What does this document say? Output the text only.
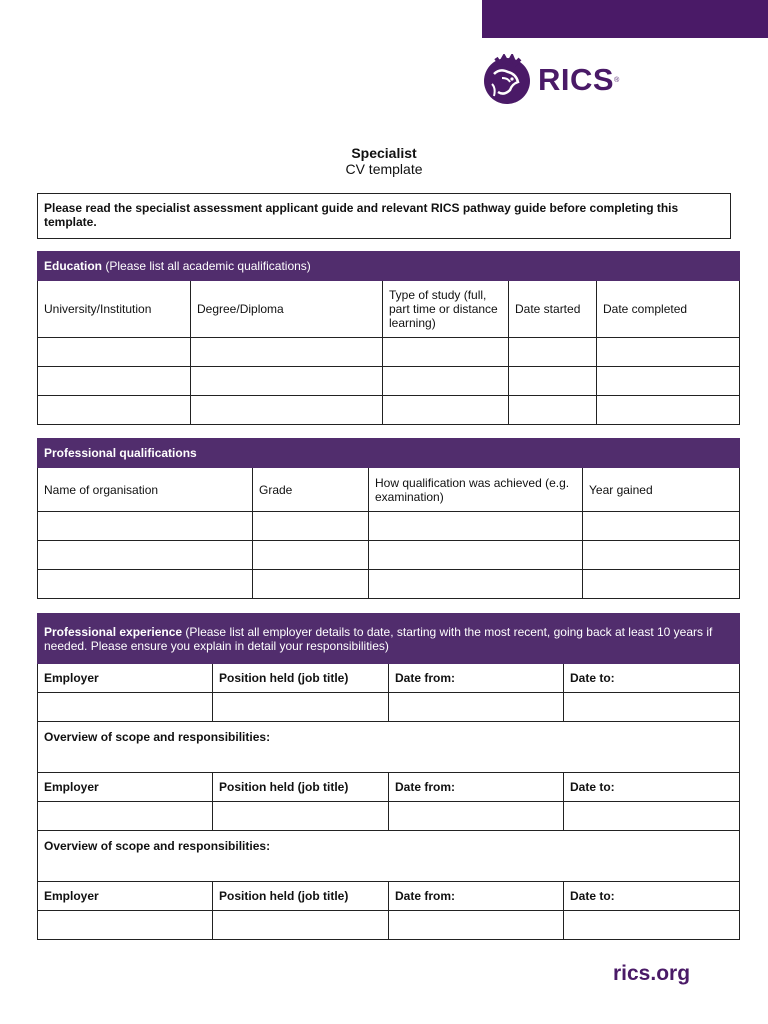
RICS ®
Specialist
CV template
Please read the specialist assessment applicant guide and relevant RICS pathway guide before completing this template.
Education (Please list all academic qualifications)				
University/Institution	Degree/Diploma	Type of study (full, part time or distance learning)	Date started	Date completed

Professional qualifications			
Name of organisation	Grade	How qualification was achieved (e.g. examination)	Year gained

Professional experience (Please list all employer details to date, starting with the most recent, going back at least 10 years if needed. Please ensure you explain in detail your responsibilities)			
Employer	Position held (job title)	Date from:	Date to:

Overview of scope and responsibilities:			
Employer	Position held (job title)	Date from:	Date to:

Overview of scope and responsibilities:			
Employer	Position held (job title)	Date from:	Date to:

rics.org
